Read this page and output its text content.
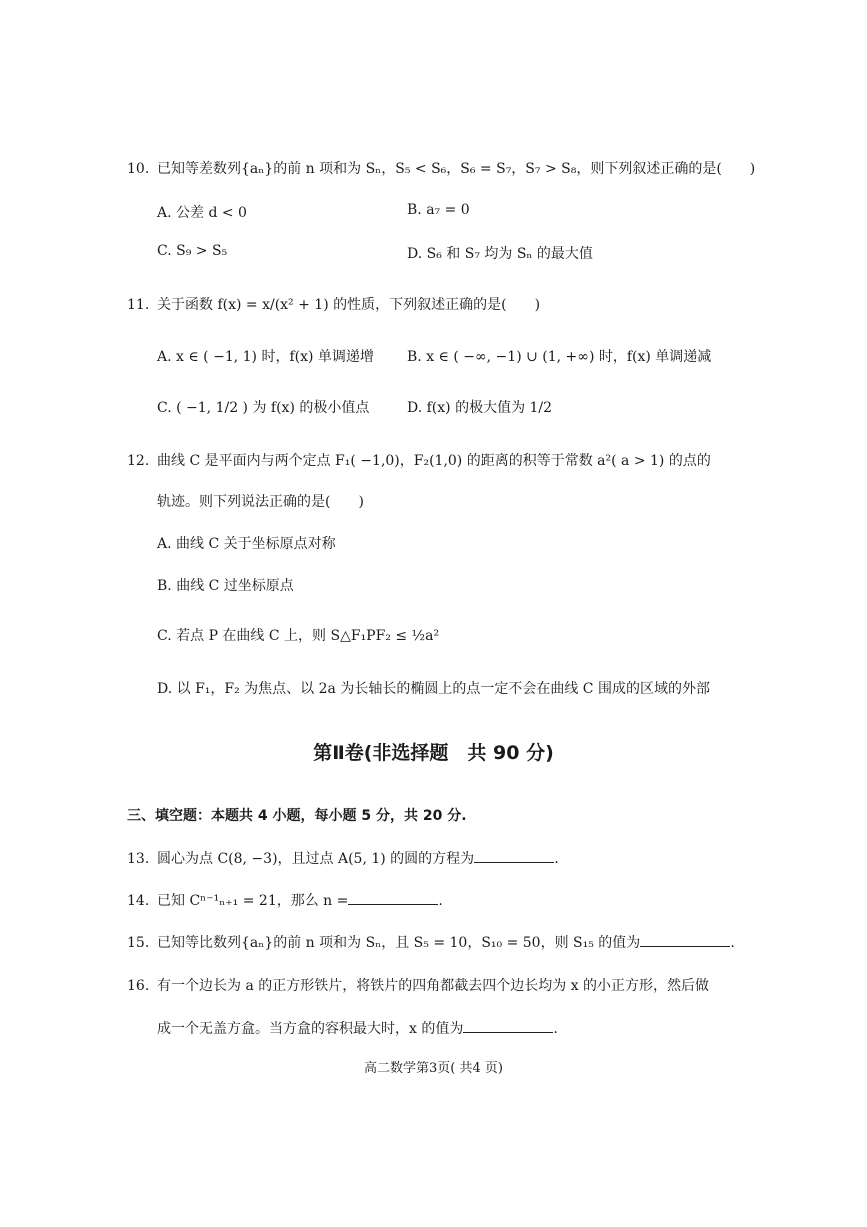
10. 已知等差数列{aₙ}的前 n 项和为 Sₙ，S₅ < S₆，S₆ = S₇，S₇ > S₈，则下列叙述正确的是(　　)
A. 公差 d < 0	B. a₇ = 0
C. S₉ > S₅	D. S₆ 和 S₇ 均为 Sₙ 的最大值
11. 关于函数 f(x) = x/(x² + 1) 的性质，下列叙述正确的是(　　)
A. x ∈ ( −1, 1) 时，f(x) 单调递增 B. x ∈ ( −∞, −1) ∪ (1, +∞) 时，f(x) 单调递减
C. ( −1, 1/2 ) 为 f(x) 的极小值点	D. f(x) 的极大值为 1/2
12. 曲线 C 是平面内与两个定点 F₁( −1,0)，F₂(1,0) 的距离的积等于常数 a²( a > 1) 的点的
轨迹。则下列说法正确的是(　　)
A. 曲线 C 关于坐标原点对称
B. 曲线 C 过坐标原点
C. 若点 P 在曲线 C 上，则 S△F₁PF₂ ≤ ½a²
D. 以 F₁，F₂ 为焦点、以 2a 为长轴长的椭圆上的点一定不会在曲线 C 围成的区域的外部
第Ⅱ卷(非选择题　共 90 分)
三、填空题：本题共 4 小题，每小题 5 分，共 20 分.
13. 圆心为点 C(8, −3)，且过点 A(5, 1) 的圆的方程为	.
14. 已知 Cⁿ⁻¹ₙ₊₁ = 21，那么 n =	.
15. 已知等比数列{aₙ}的前 n 项和为 Sₙ，且 S₅ = 10，S₁₀ = 50，则 S₁₅ 的值为	.
16. 有一个边长为 a 的正方形铁片，将铁片的四角都截去四个边长均为 x 的小正方形，然后做
成一个无盖方盒。当方盒的容积最大时，x 的值为	.
高二数学第3页( 共4 页)
